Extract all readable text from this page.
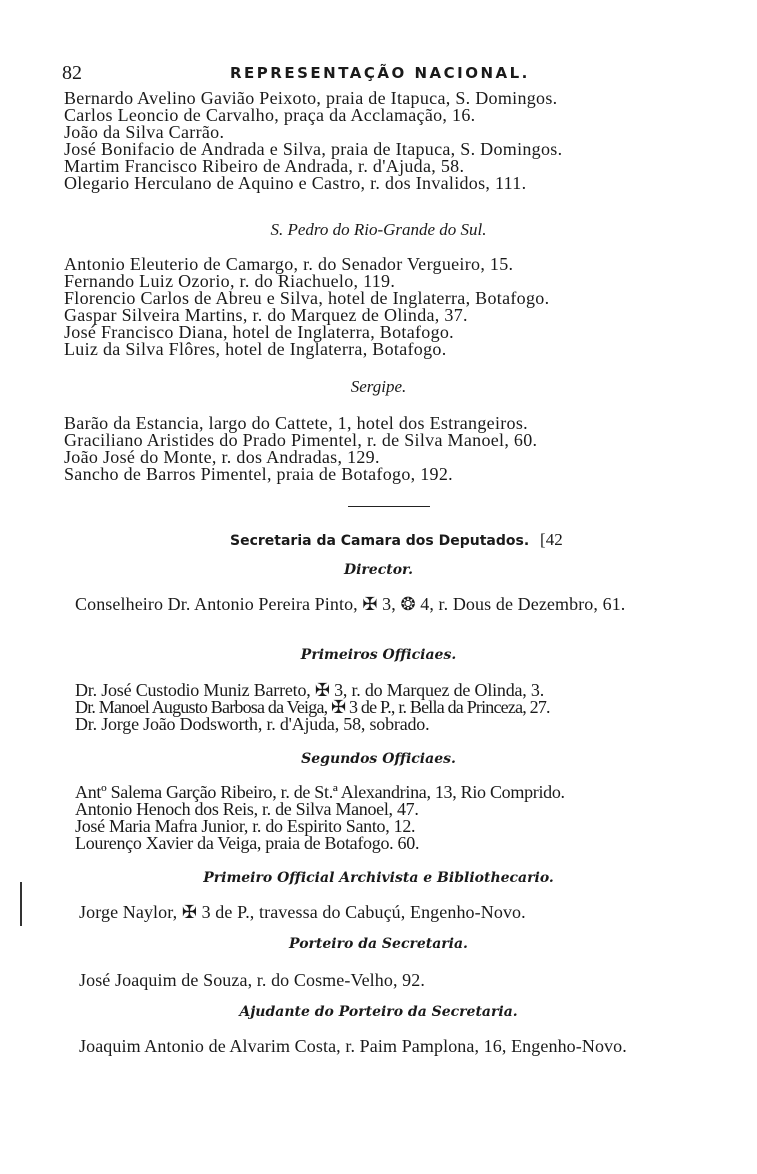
82	REPRESENTAÇÃO NACIONAL.
Bernardo Avelino Gavião Peixoto, praia de Itapuca, S. Domingos.
Carlos Leoncio de Carvalho, praça da Acclamação, 16.
João da Silva Carrão.
José Bonifacio de Andrada e Silva, praia de Itapuca, S. Domingos.
Martim Francisco Ribeiro de Andrada, r. d'Ajuda, 58.
Olegario Herculano de Aquino e Castro, r. dos Invalidos, 111.
S. Pedro do Rio-Grande do Sul.
Antonio Eleuterio de Camargo, r. do Senador Vergueiro, 15.
Fernando Luiz Ozorio, r. do Riachuelo, 119.
Florencio Carlos de Abreu e Silva, hotel de Inglaterra, Botafogo.
Gaspar Silveira Martins, r. do Marquez de Olinda, 37.
José Francisco Diana, hotel de Inglaterra, Botafogo.
Luiz da Silva Flôres, hotel de Inglaterra, Botafogo.
Sergipe.
Barão da Estancia, largo do Cattete, 1, hotel dos Estrangeiros.
Graciliano Aristides do Prado Pimentel, r. de Silva Manoel, 60.
João José do Monte, r. dos Andradas, 129.
Sancho de Barros Pimentel, praia de Botafogo, 192.
Secretaria da Camara dos Deputados. [42
Director.
Conselheiro Dr. Antonio Pereira Pinto, ✠ 3, ❂ 4, r. Dous de Dezembro, 61.
Primeiros Officiaes.
Dr. José Custodio Muniz Barreto, ✠ 3, r. do Marquez de Olinda, 3.
Dr. Manoel Augusto Barbosa da Veiga, ✠ 3 de P., r. Bella da Princeza, 27.
Dr. Jorge João Dodsworth, r. d'Ajuda, 58, sobrado.
Segundos Officiaes.
Antº Salema Garção Ribeiro, r. de St.ª Alexandrina, 13, Rio Comprido.
Antonio Henoch dos Reis, r. de Silva Manoel, 47.
José Maria Mafra Junior, r. do Espirito Santo, 12.
Lourenço Xavier da Veiga, praia de Botafogo. 60.
Primeiro Official Archivista e Bibliothecario.
Jorge Naylor, ✠ 3 de P., travessa do Cabuçú, Engenho-Novo.
Porteiro da Secretaria.
José Joaquim de Souza, r. do Cosme-Velho, 92.
Ajudante do Porteiro da Secretaria.
Joaquim Antonio de Alvarim Costa, r. Paim Pamplona, 16, Engenho-Novo.
